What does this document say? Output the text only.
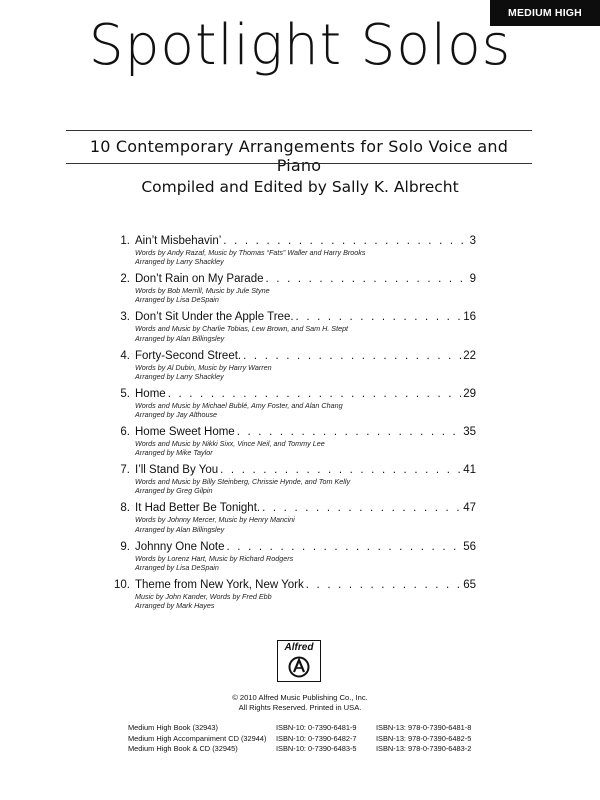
MEDIUM HIGH
Spotlight Solos
10 Contemporary Arrangements for Solo Voice and Piano
Compiled and Edited by Sally K. Albrecht
1. Ain’t Misbehavin’ . . .	3
Words by Andy Razaf, Music by Thomas “Fats” Waller and Harry Brooks
Arranged by Larry Shackley
2. Don’t Rain on My Parade . . .	9
Words by Bob Merrill, Music by Jule Styne
Arranged by Lisa DeSpain
3. Don’t Sit Under the Apple Tree. . . .	16
Words and Music by Charlie Tobias, Lew Brown, and Sam H. Stept
Arranged by Alan Billingsley
4. Forty-Second Street. . . .	22
Words by Al Dubin, Music by Harry Warren
Arranged by Larry Shackley
5. Home . . .	29
Words and Music by Michael Bublé, Amy Foster, and Alan Chang
Arranged by Jay Althouse
6. Home Sweet Home . . .	35
Words and Music by Nikki Sixx, Vince Neil, and Tommy Lee
Arranged by Mike Taylor
7. I’ll Stand By You . . .	41
Words and Music by Billy Steinberg, Chrissie Hynde, and Tom Kelly
Arranged by Greg Gilpin
8. It Had Better Be Tonight. . . .	47
Words by Johnny Mercer, Music by Henry Mancini
Arranged by Alan Billingsley
9. Johnny One Note . . .	56
Words by Lorenz Hart, Music by Richard Rodgers
Arranged by Lisa DeSpain
10. Theme from New York, New York . . .	65
Music by John Kander, Words by Fred Ebb
Arranged by Mark Hayes
Alfred
© 2010 Alfred Music Publishing Co., Inc.
All Rights Reserved. Printed in USA.
Medium High Book (32943)	ISBN-10: 0-7390-6481-9	ISBN-13: 978-0-7390-6481-8
Medium High Accompaniment CD (32944)	ISBN-10: 0-7390-6482-7	ISBN-13: 978-0-7390-6482-5
Medium High Book & CD (32945)	ISBN-10: 0-7390-6483-5	ISBN-13: 978-0-7390-6483-2
